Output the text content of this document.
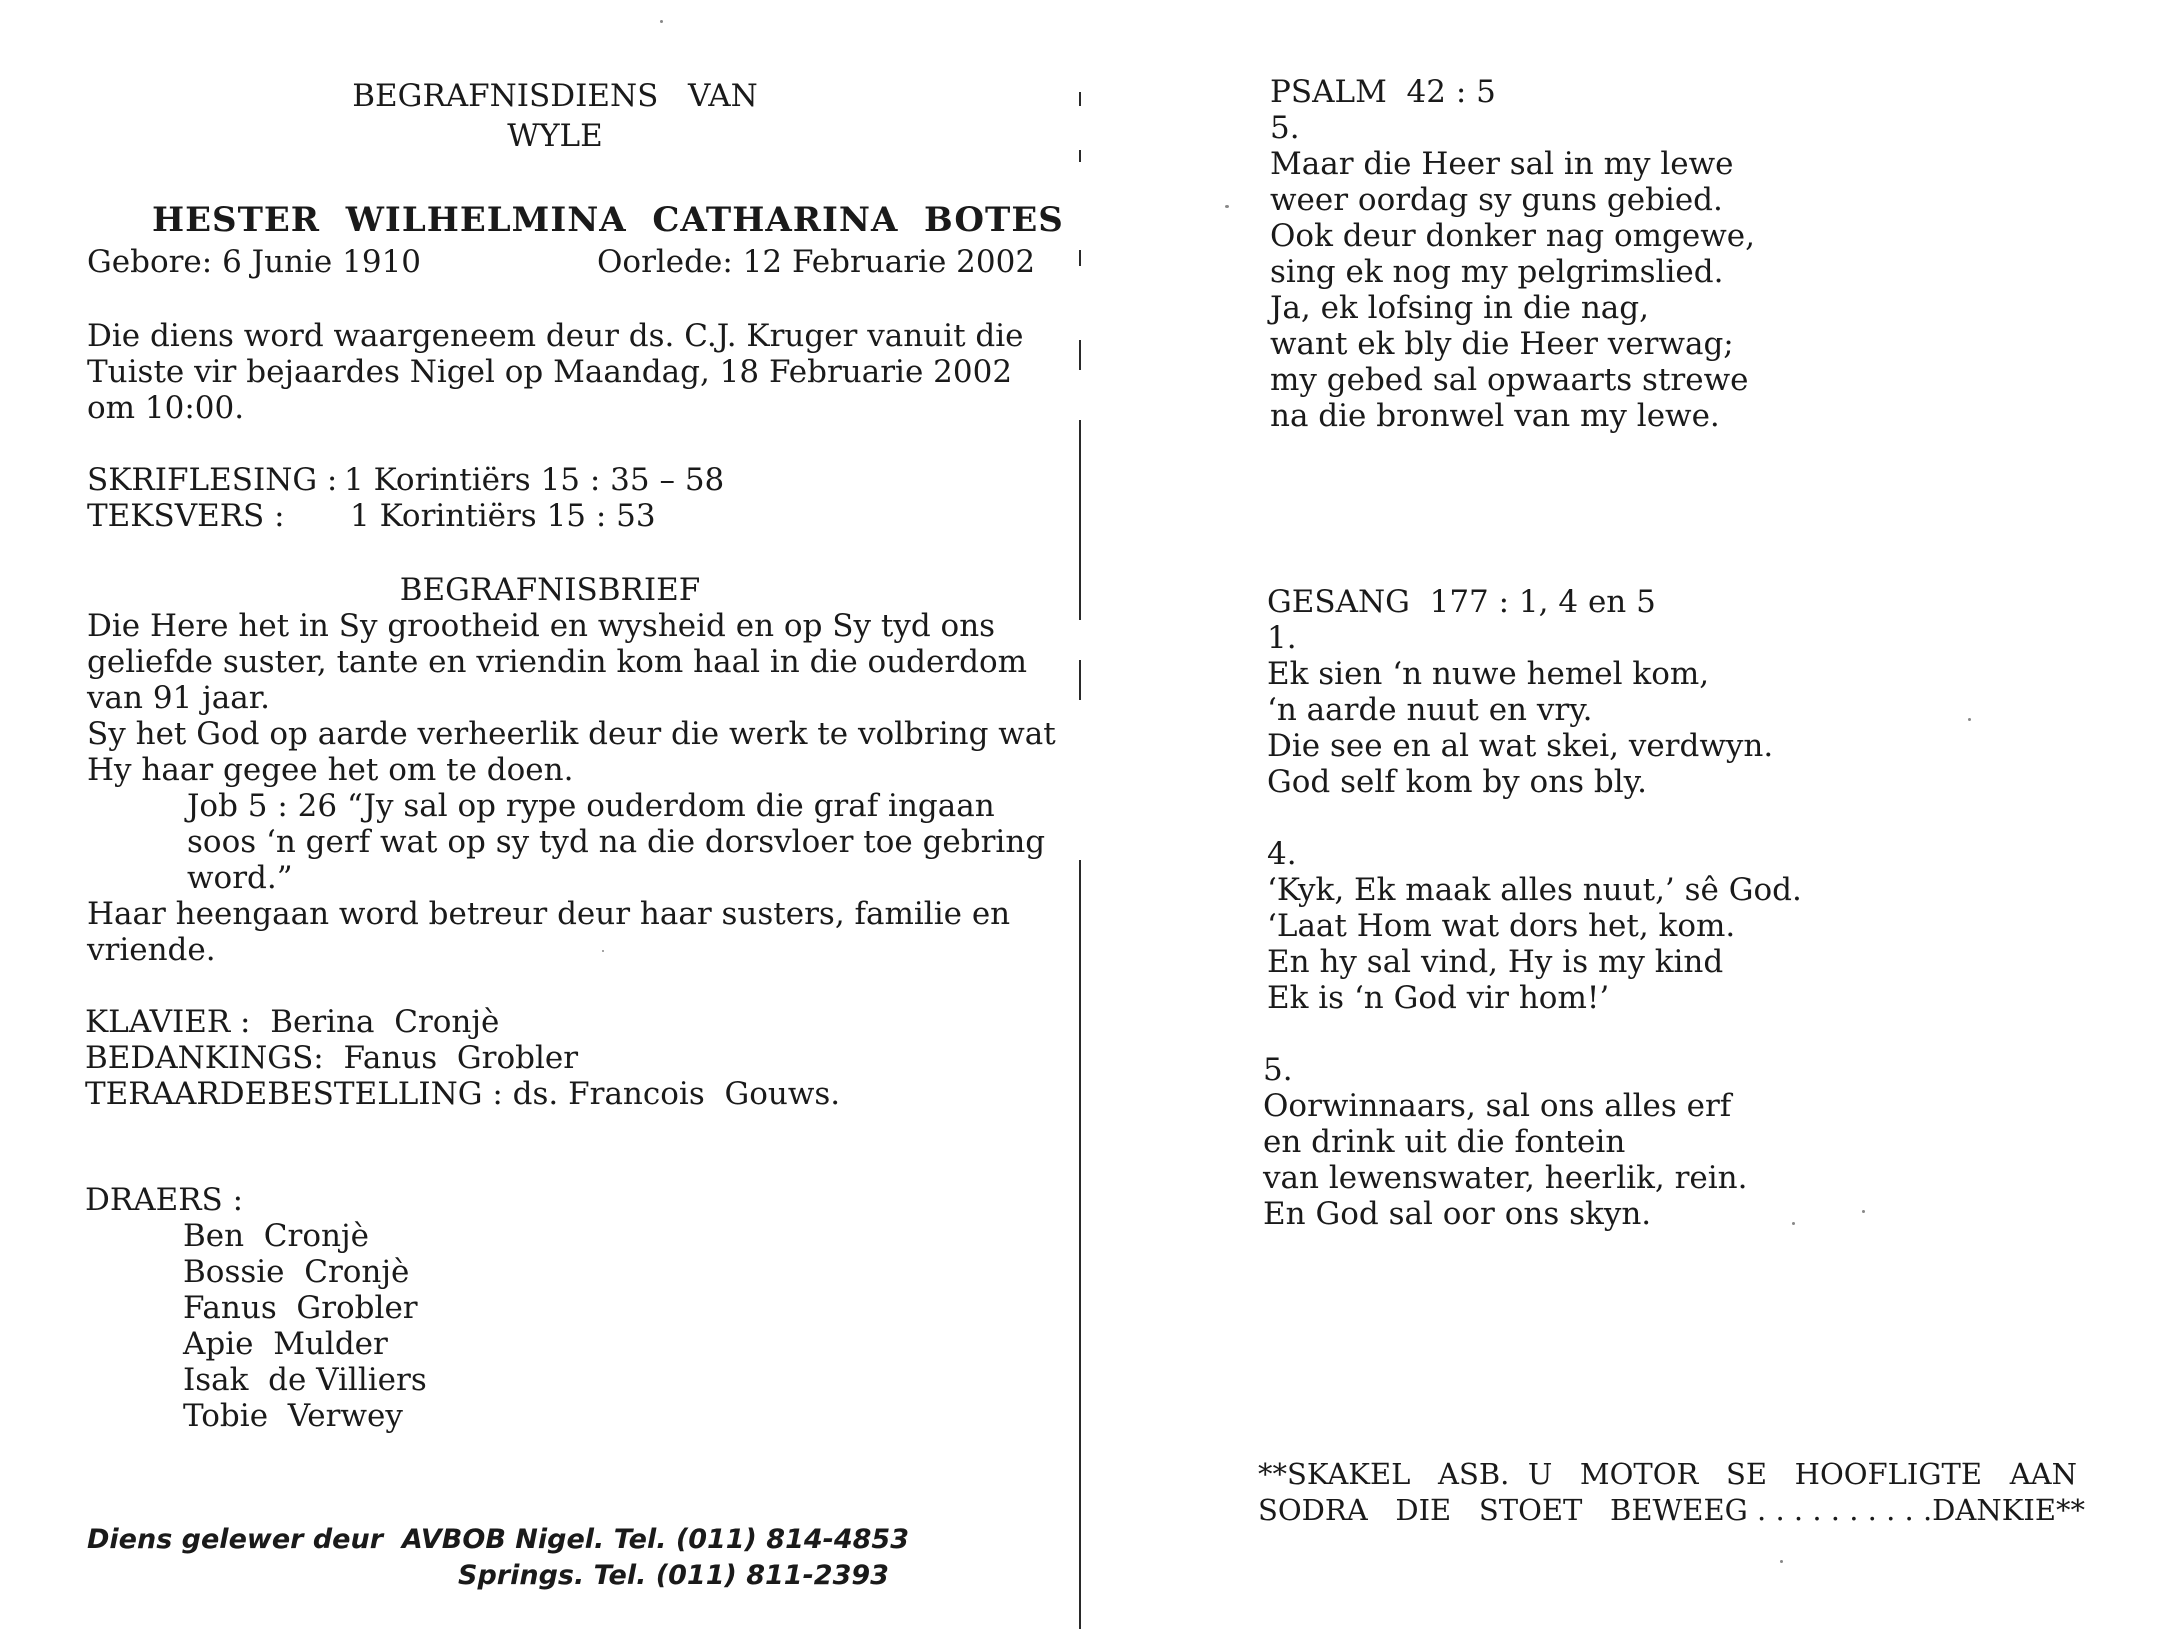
BEGRAFNISDIENS   VAN
WYLE
HESTER  WILHELMINA  CATHARINA  BOTES
Gebore: 6 Junie 1910	Oorlede: 12 Februarie 2002
Die diens word waargeneem deur ds. C.J. Kruger vanuit die
Tuiste vir bejaardes Nigel op Maandag, 18 Februarie 2002
om 10:00.
SKRIFLESING : 1 Korintiërs 15 : 35 – 58
TEKSVERS : 1 Korintiërs 15 : 53
BEGRAFNISBRIEF
Die Here het in Sy grootheid en wysheid en op Sy tyd ons
geliefde suster, tante en vriendin kom haal in die ouderdom
van 91 jaar.
Sy het God op aarde verheerlik deur die werk te volbring wat
Hy haar gegee het om te doen.
Job 5 : 26 “Jy sal op rype ouderdom die graf ingaan
soos ‘n gerf wat op sy tyd na die dorsvloer toe gebring
word.”
Haar heengaan word betreur deur haar susters, familie en
vriende.
KLAVIER :  Berina  Cronjè
BEDANKINGS:  Fanus  Grobler
TERAARDEBESTELLING : ds. Francois  Gouws.
DRAERS :
Ben  Cronjè
Bossie  Cronjè
Fanus  Grobler
Apie  Mulder
Isak  de Villiers
Tobie  Verwey
Diens gelewer deur  AVBOB Nigel. Tel. (011) 814-4853
Springs. Tel. (011) 811-2393
PSALM  42 : 5
5.
Maar die Heer sal in my lewe
weer oordag sy guns gebied.
Ook deur donker nag omgewe,
sing ek nog my pelgrimslied.
Ja, ek lofsing in die nag,
want ek bly die Heer verwag;
my gebed sal opwaarts strewe
na die bronwel van my lewe.
GESANG  177 : 1, 4 en 5
1.
Ek sien ‘n nuwe hemel kom,
‘n aarde nuut en vry.
Die see en al wat skei, verdwyn.
God self kom by ons bly.
4.
‘Kyk, Ek maak alles nuut,’ sê God.
‘Laat Hom wat dors het, kom.
En hy sal vind, Hy is my kind
Ek is ‘n God vir hom!’
5.
Oorwinnaars, sal ons alles erf
en drink uit die fontein
van lewenswater, heerlik, rein.
En God sal oor ons skyn.
**SKAKEL   ASB.  U   MOTOR   SE   HOOFLIGTE   AAN
SODRA   DIE   STOET   BEWEEG . . . . . . . . . .DANKIE**
